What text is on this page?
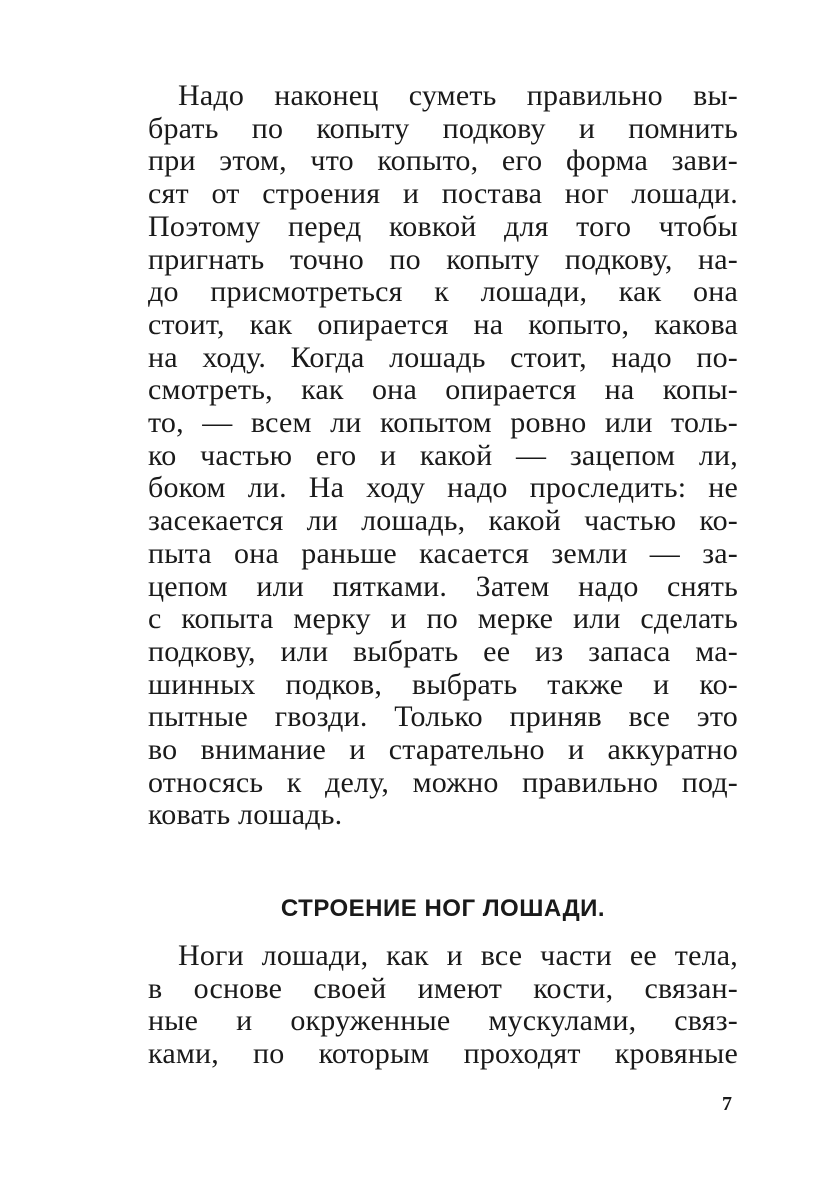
Надо наконец суметь правильно вы-
брать по копыту подкову и помнить
при этом, что копыто, его форма зави-
сят от строения и постава ног лошади.
Поэтому перед ковкой для того чтобы
пригнать точно по копыту подкову, на-
до присмотреться к лошади, как она
стоит, как опирается на копыто, какова
на ходу. Когда лошадь стоит, надо по-
смотреть, как она опирается на копы-
то, — всем ли копытом ровно или толь-
ко частью его и какой — зацепом ли,
боком ли. На ходу надо проследить: не
засекается ли лошадь, какой частью ко-
пыта она раньше касается земли — за-
цепом или пятками. Затем надо снять
с копыта мерку и по мерке или сделать
подкову, или выбрать ее из запаса ма-
шинных подков, выбрать также и ко-
пытные гвозди. Только приняв все это
во внимание и старательно и аккуратно
относясь к делу, можно правильно под-
ковать лошадь.
СТРОЕНИЕ НОГ ЛОШАДИ.
Ноги лошади, как и все части ее тела,
в основе своей имеют кости, связан-
ные и окруженные мускулами, связ-
ками, по которым проходят кровяные
7
